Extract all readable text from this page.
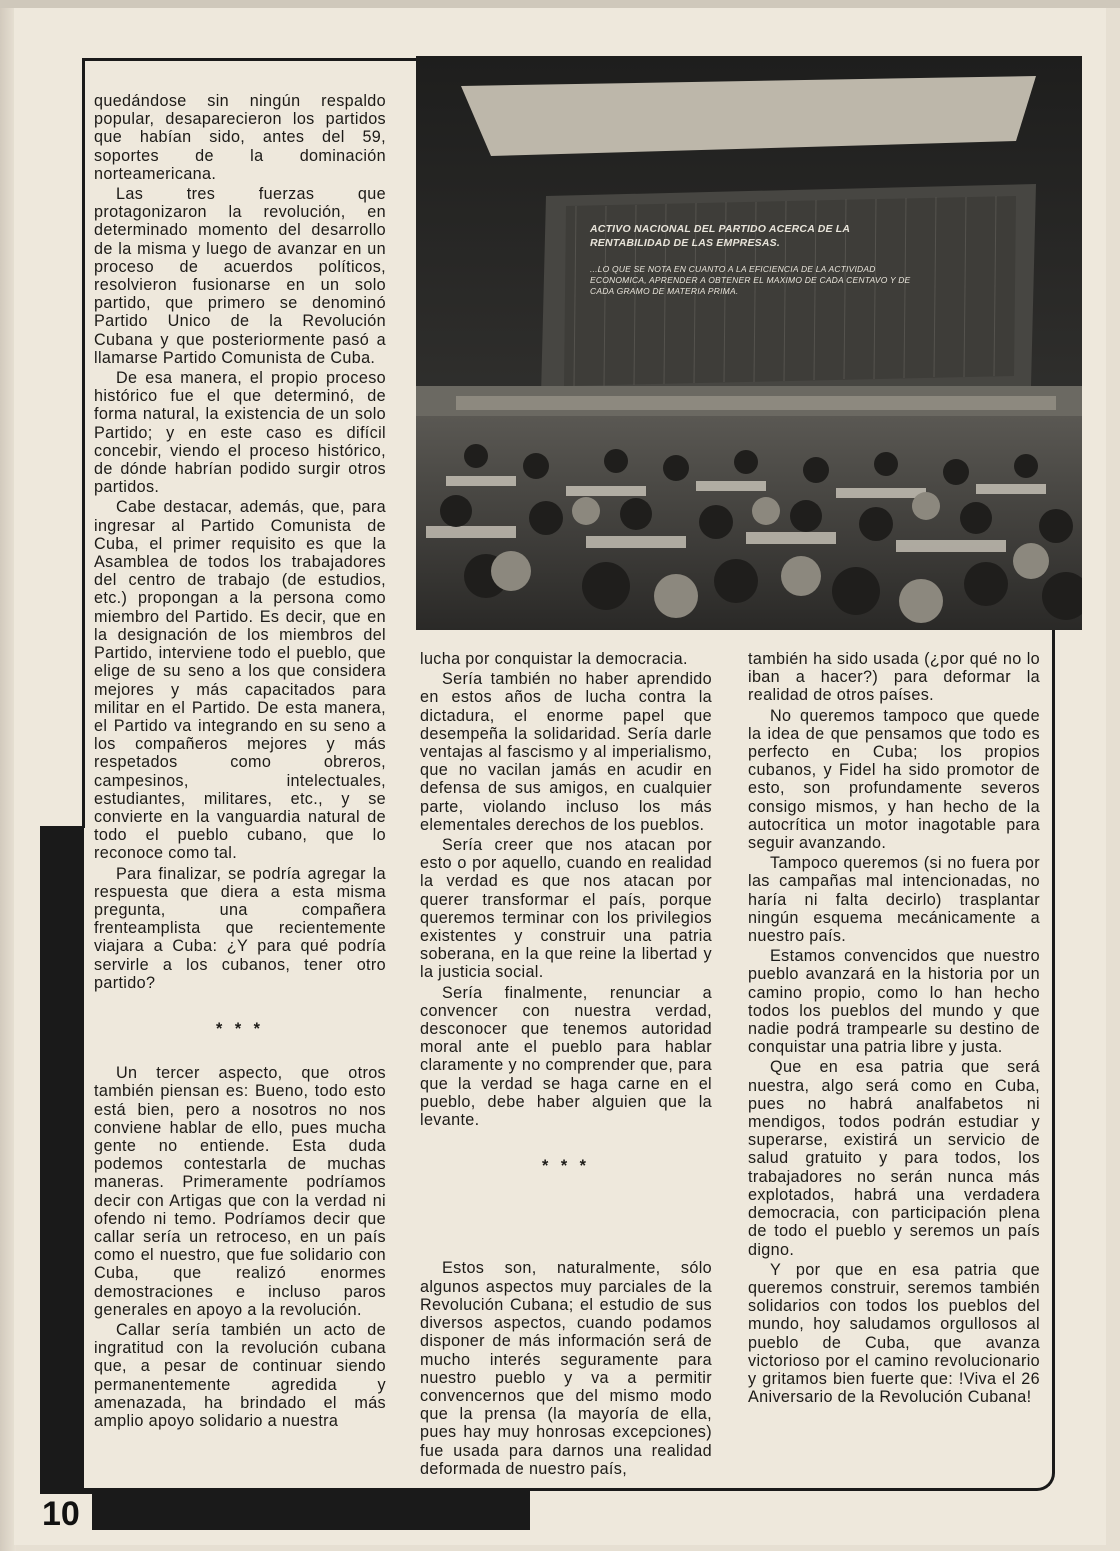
ACTIVO NACIONAL DEL PARTIDO ACERCA DE LA RENTABILIDAD DE LAS EMPRESAS.
...LO QUE SE NOTA EN CUANTO A LA EFICIENCIA DE LA ACTIVIDAD ECONOMICA, APRENDER A OBTENER EL MAXIMO DE CADA CENTAVO Y DE CADA GRAMO DE MATERIA PRIMA.

quedándose sin ningún respaldo popular, desaparecieron los partidos que habían sido, antes del 59, soportes de la dominación norteamericana.

Las tres fuerzas que protagonizaron la revolución, en determinado momento del desarrollo de la misma y luego de avanzar en un proceso de acuerdos políticos, resolvieron fusionarse en un solo partido, que primero se denominó Partido Unico de la Revolución Cubana y que posteriormente pasó a llamarse Partido Comunista de Cuba.

De esa manera, el propio proceso histórico fue el que determinó, de forma natural, la existencia de un solo Partido; y en este caso es difícil concebir, viendo el proceso histórico, de dónde habrían podido surgir otros partidos.

Cabe destacar, además, que, para ingresar al Partido Comunista de Cuba, el primer requisito es que la Asamblea de todos los trabajadores del centro de trabajo (de estudios, etc.) propongan a la persona como miembro del Partido. Es decir, que en la designación de los miembros del Partido, interviene todo el pueblo, que elige de su seno a los que considera mejores y más capacitados para militar en el Partido. De esta manera, el Partido va integrando en su seno a los compañeros mejores y más respetados como obreros, campesinos, intelectuales, estudiantes, militares, etc., y se convierte en la vanguardia natural de todo el pueblo cubano, que lo reconoce como tal.

Para finalizar, se podría agregar la respuesta que diera a esta misma pregunta, una compañera frenteamplista que recientemente viajara a Cuba: ¿Y para qué podría servirle a los cubanos, tener otro partido?

* * *

Un tercer aspecto, que otros también piensan es: Bueno, todo esto está bien, pero a nosotros no nos conviene hablar de ello, pues mucha gente no entiende. Esta duda podemos contestarla de muchas maneras. Primeramente podríamos decir con Artigas que con la verdad ni ofendo ni temo. Podríamos decir que callar sería un retroceso, en un país como el nuestro, que fue solidario con Cuba, que realizó enormes demostraciones e incluso paros generales en apoyo a la revolución.

Callar sería también un acto de ingratitud con la revolución cubana que, a pesar de continuar siendo permanentemente agredida y amenazada, ha brindado el más amplio apoyo solidario a nuestra

lucha por conquistar la democracia.

Sería también no haber aprendido en estos años de lucha contra la dictadura, el enorme papel que desempeña la solidaridad. Sería darle ventajas al fascismo y al imperialismo, que no vacilan jamás en acudir en defensa de sus amigos, en cualquier parte, violando incluso los más elementales derechos de los pueblos.

Sería creer que nos atacan por esto o por aquello, cuando en realidad la verdad es que nos atacan por querer transformar el país, porque queremos terminar con los privilegios existentes y construir una patria soberana, en la que reine la libertad y la justicia social.

Sería finalmente, renunciar a convencer con nuestra verdad, desconocer que tenemos autoridad moral ante el pueblo para hablar claramente y no comprender que, para que la verdad se haga carne en el pueblo, debe haber alguien que la levante.

* * *

Estos son, naturalmente, sólo algunos aspectos muy parciales de la Revolución Cubana; el estudio de sus diversos aspectos, cuando podamos disponer de más información será de mucho interés seguramente para nuestro pueblo y va a permitir convencernos que del mismo modo que la prensa (la mayoría de ella, pues hay muy honrosas excepciones) fue usada para darnos una realidad deformada de nuestro país,

también ha sido usada (¿por qué no lo iban a hacer?) para deformar la realidad de otros países.

No queremos tampoco que quede la idea de que pensamos que todo es perfecto en Cuba; los propios cubanos, y Fidel ha sido promotor de esto, son profundamente severos consigo mismos, y han hecho de la autocrítica un motor inagotable para seguir avanzando.

Tampoco queremos (si no fuera por las campañas mal intencionadas, no haría ni falta decirlo) trasplantar ningún esquema mecánicamente a nuestro país.

Estamos convencidos que nuestro pueblo avanzará en la historia por un camino propio, como lo han hecho todos los pueblos del mundo y que nadie podrá trampearle su destino de conquistar una patria libre y justa.

Que en esa patria que será nuestra, algo será como en Cuba, pues no habrá analfabetos ni mendigos, todos podrán estudiar y superarse, existirá un servicio de salud gratuito y para todos, los trabajadores no serán nunca más explotados, habrá una verdadera democracia, con participación plena de todo el pueblo y seremos un país digno.

Y por que en esa patria que queremos construir, seremos también solidarios con todos los pueblos del mundo, hoy saludamos orgullosos al pueblo de Cuba, que avanza victorioso por el camino revolucionario y gritamos bien fuerte que: !Viva el 26 Aniversario de la Revolución Cubana!

10
